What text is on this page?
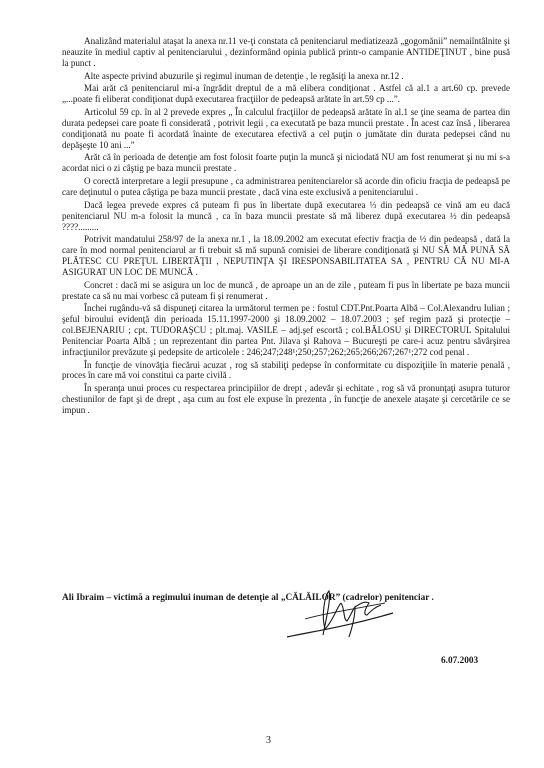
Analizând materialul ataşat la anexa nr.11 ve-ţi constata că penitenciarul mediatizează „gogomănii” nemaiîntâlnite şi neauzite în mediul captiv al penitenciarului , dezinformând opinia publică printr-o campanie ANTIDEŢINUT , bine pusă la punct .

Alte aspecte privind abuzurile şi regimul inuman de detenţie , le regăsiţi la anexa nr.12 .

Mai arăt că penitenciarul mi-a îngrădit dreptul de a mă elibera condiţionat . Astfel că al.1 a art.60 cp. prevede „...poate fi eliberat condiţionat după executarea fracţiilor de pedeapsă arătate în art.59 cp ...”.

Articolul 59 cp. în al 2 prevede expres „ În calculul fracţiilor de pedeapsă arătate în al.1 se ţine seama de partea din durata pedepsei care poate fi considerată , potrivit legii , ca executată pe baza muncii prestate . În acest caz însă , liberarea condiţionată nu poate fi acordată înainte de executarea efectivă a cel puţin o jumătate din durata pedepsei când nu depăşeşte 10 ani ...”

Arăt că în perioada de detenţie am fost folosit foarte puţin la muncă şi niciodată NU am fost renumerat şi nu mi s-a acordat nici o zi câştig pe baza muncii prestate .

O corectă interpretare a legii presupune , ca administrarea penitenciarelor să acorde din oficiu fracţia de pedeapsă pe care deţinutul o putea câştiga pe baza muncii prestate , dacă vina este exclusivă a penitenciarului .

Dacă legea prevede expres că puteam fi pus în libertate după executarea ⅓ din pedeapsă ce vină am eu dacă penitenciarul NU m-a folosit la muncă , ca în baza muncii prestate să mă liberez după executarea ½ din pedeapsă ????.........

Potrivit mandatului 258/97 de la anexa nr.1 , la 18.09.2002 am executat efectiv fracţia de ½ din pedeapsă , dată la care în mod normal penitenciarul ar fi trebuit să mă supună comisiei de liberare condiţionată şi NU SĂ MĂ PUNĂ SĂ PLĂTESC CU PREŢUL LIBERTĂŢII , NEPUTINŢA ŞI IRESPONSABILITATEA SA , PENTRU CĂ NU MI-A ASIGURAT UN LOC DE MUNCĂ .

Concret : dacă mi se asigura un loc de muncă , de aproape un an de zile , puteam fi pus în libertate pe baza muncii prestate ca să nu mai vorbesc că puteam fi şi renumerat .

Închei rugându-vă să dispuneţi citarea la următorul termen pe : fostul CDT.Pnt.Poarta Albă – Col.Alexandru Iulian ; şeful biroului evidenţă din perioada 15.11.1997-2000 şi 18.09.2002 – 18.07.2003 ; şef regim pază şi protecţie – col.BEJENARIU ; cpt. TUDORAŞCU ; plt.maj. VASILE – adj.şef escortă ; col.BĂLOSU şi DIRECTORUL Spitalului Penitenciar Poarta Albă ; un reprezentant din partea Pnt. Jilava şi Rahova – Bucureşti pe care-i acuz pentru săvârşirea infracţiunilor prevăzute şi pedepsite de articolele : 246;247;248¹;250;257;262;265;266;267;267¹;272 cod penal .

În funcţie de vinovăţia fiecărui acuzat , rog să stabiliţi pedepse în conformitate cu dispoziţiile în materie penală , proces în care mă voi constitui ca parte civilă .

În speranţa unui proces cu respectarea principiilor de drept , adevăr şi echitate , rog să vă pronunţaţi asupra tuturor chestiunilor de fapt şi de drept , aşa cum au fost ele expuse în prezenta , în funcţie de anexele ataşate şi cercetările ce se impun .

Ali Ibraim – victimă a regimului inuman de detenţie al „CĂLĂILOR” (cadrelor) penitenciar .
6.07.2003
3
